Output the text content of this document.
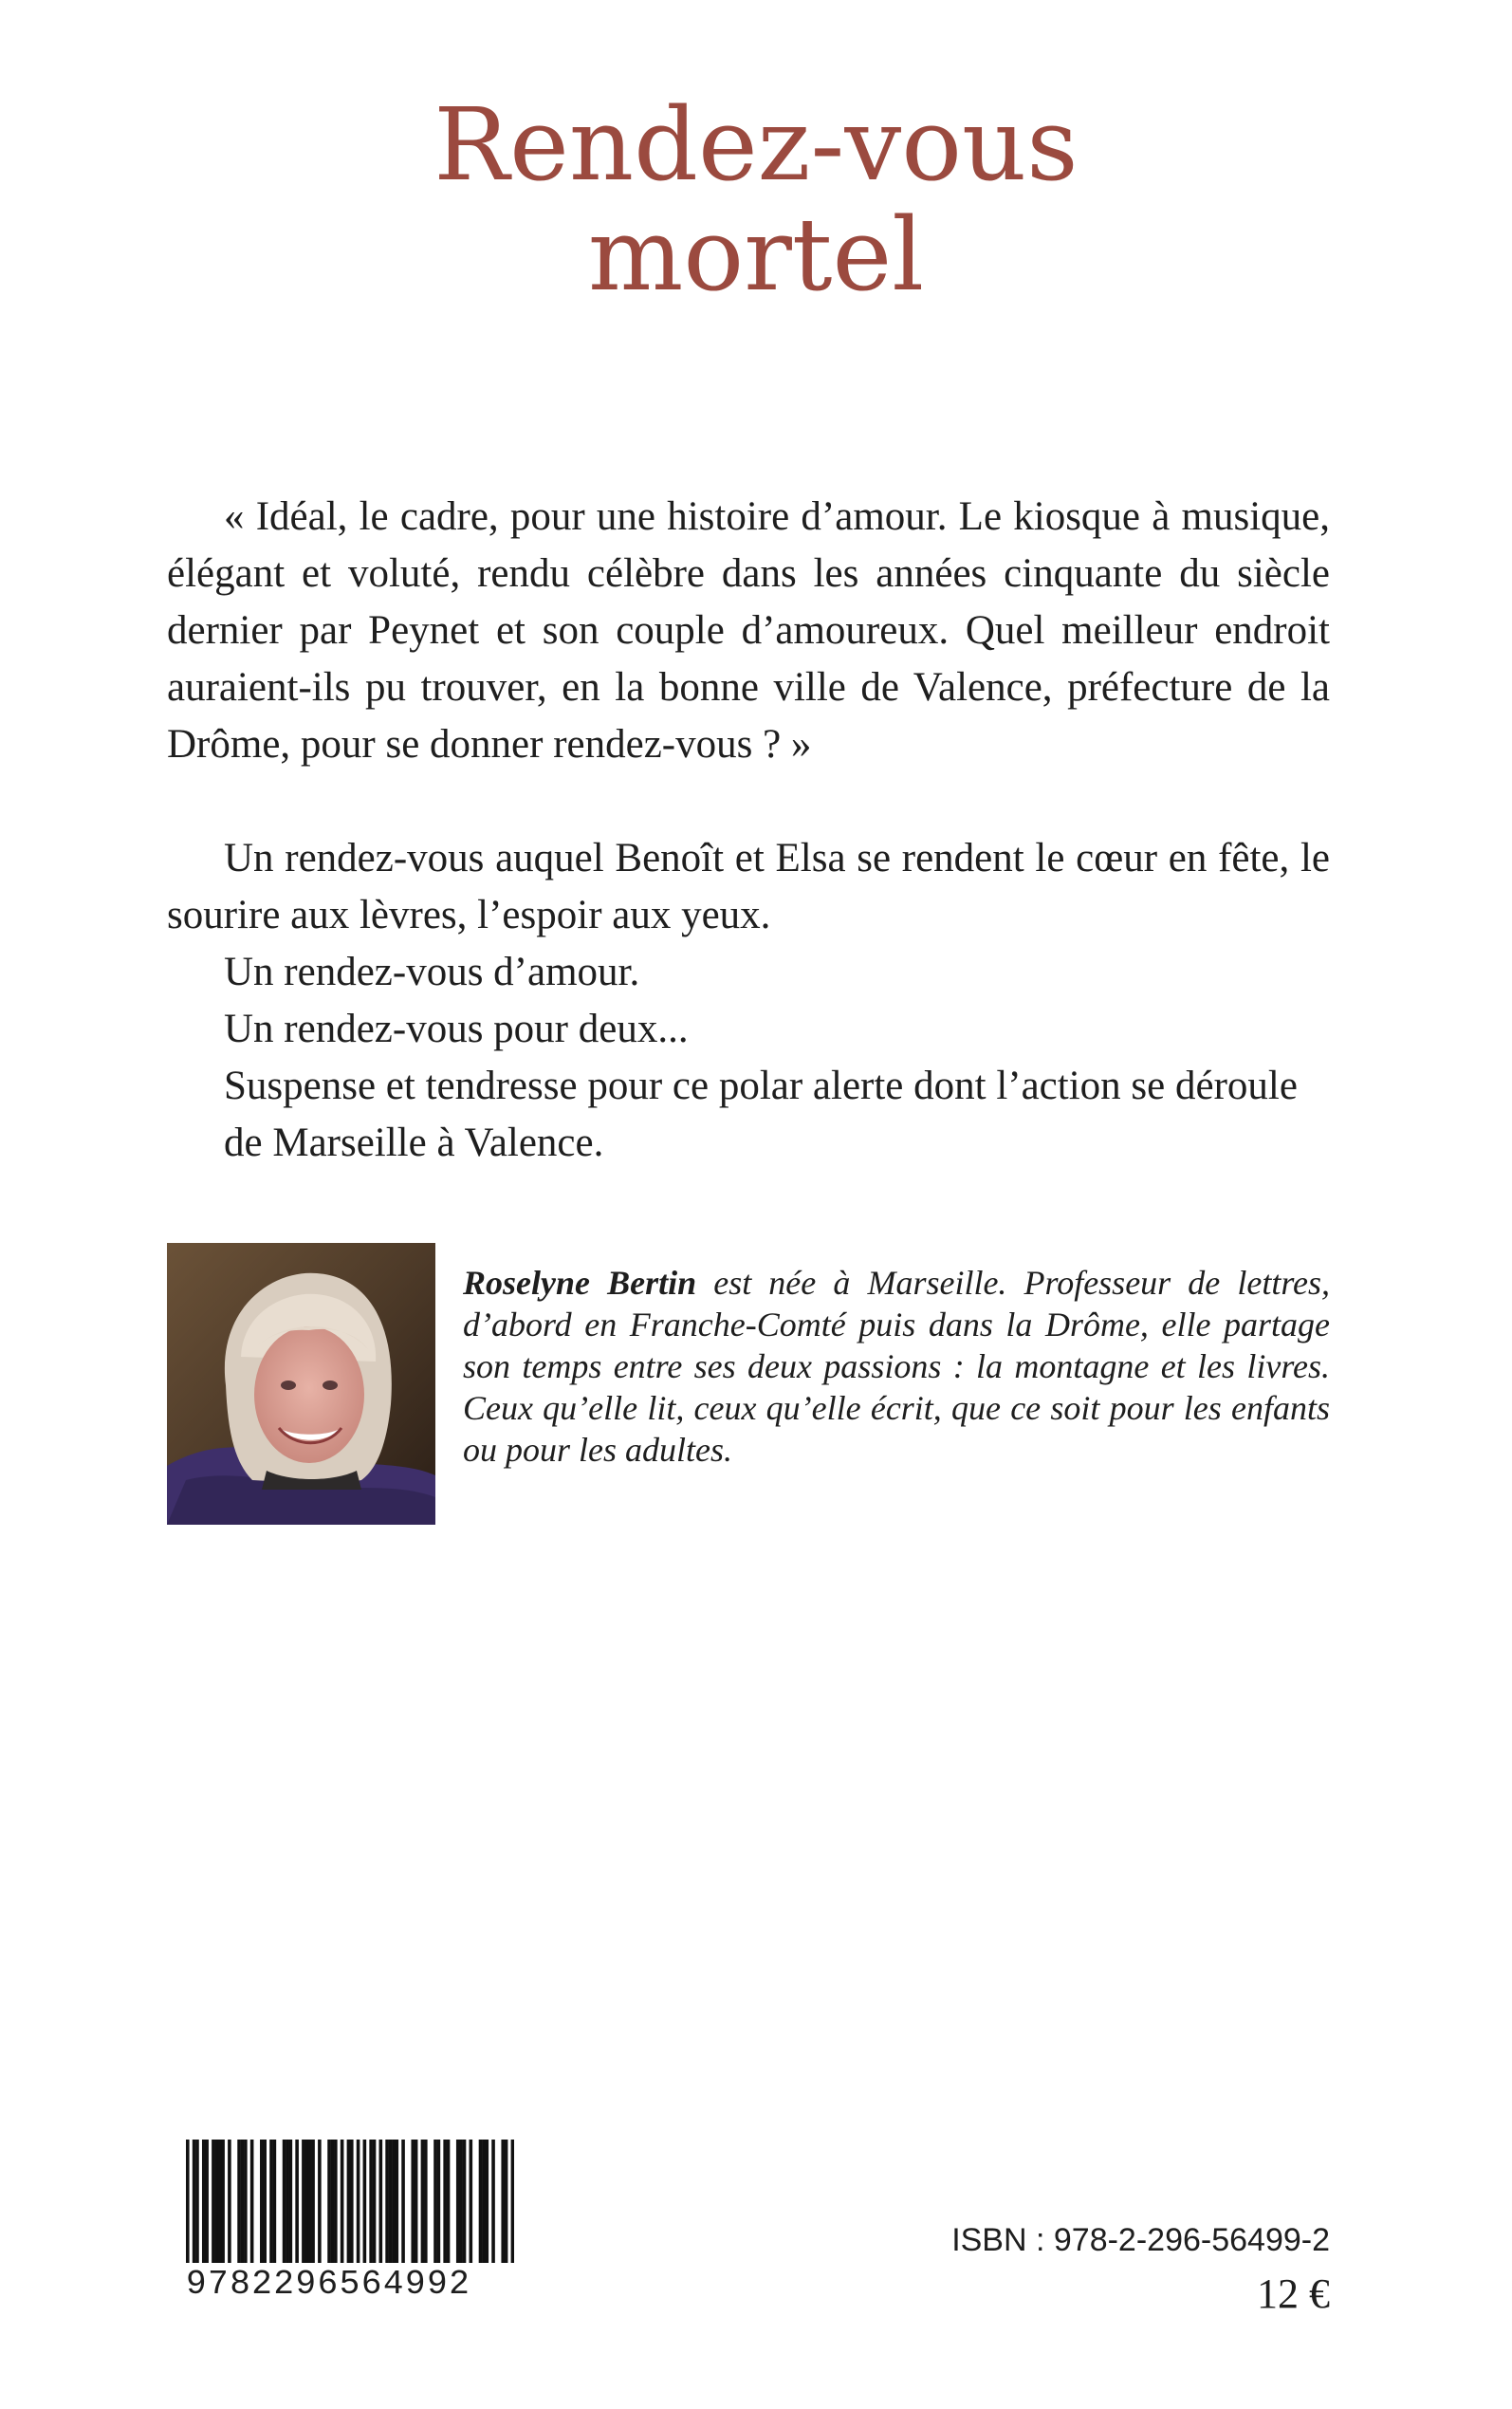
Rendez-vous
mortel

« Idéal, le cadre, pour une histoire d’amour. Le kiosque à musique, élégant et voluté, rendu célèbre dans les années cinquante du siècle dernier par Peynet et son couple d’amoureux. Quel meilleur endroit auraient-ils pu trouver, en la bonne ville de Valence, préfecture de la Drôme, pour se donner rendez-vous ? »

Un rendez-vous auquel Benoît et Elsa se rendent le cœur en fête, le sourire aux lèvres, l’espoir aux yeux.

Un rendez-vous d’amour.

Un rendez-vous pour deux...

Suspense et tendresse pour ce polar alerte dont l’action se déroule

de Marseille à Valence.

Roselyne Bertin est née à Marseille. Professeur de lettres, d’abord en Franche-Comté puis dans la Drôme, elle partage son temps entre ses deux passions : la montagne et les livres. Ceux qu’elle lit, ceux qu’elle écrit, que ce soit pour les enfants ou pour les adultes.
9782296564992
ISBN : 978-2-296-56499-2
12 €
